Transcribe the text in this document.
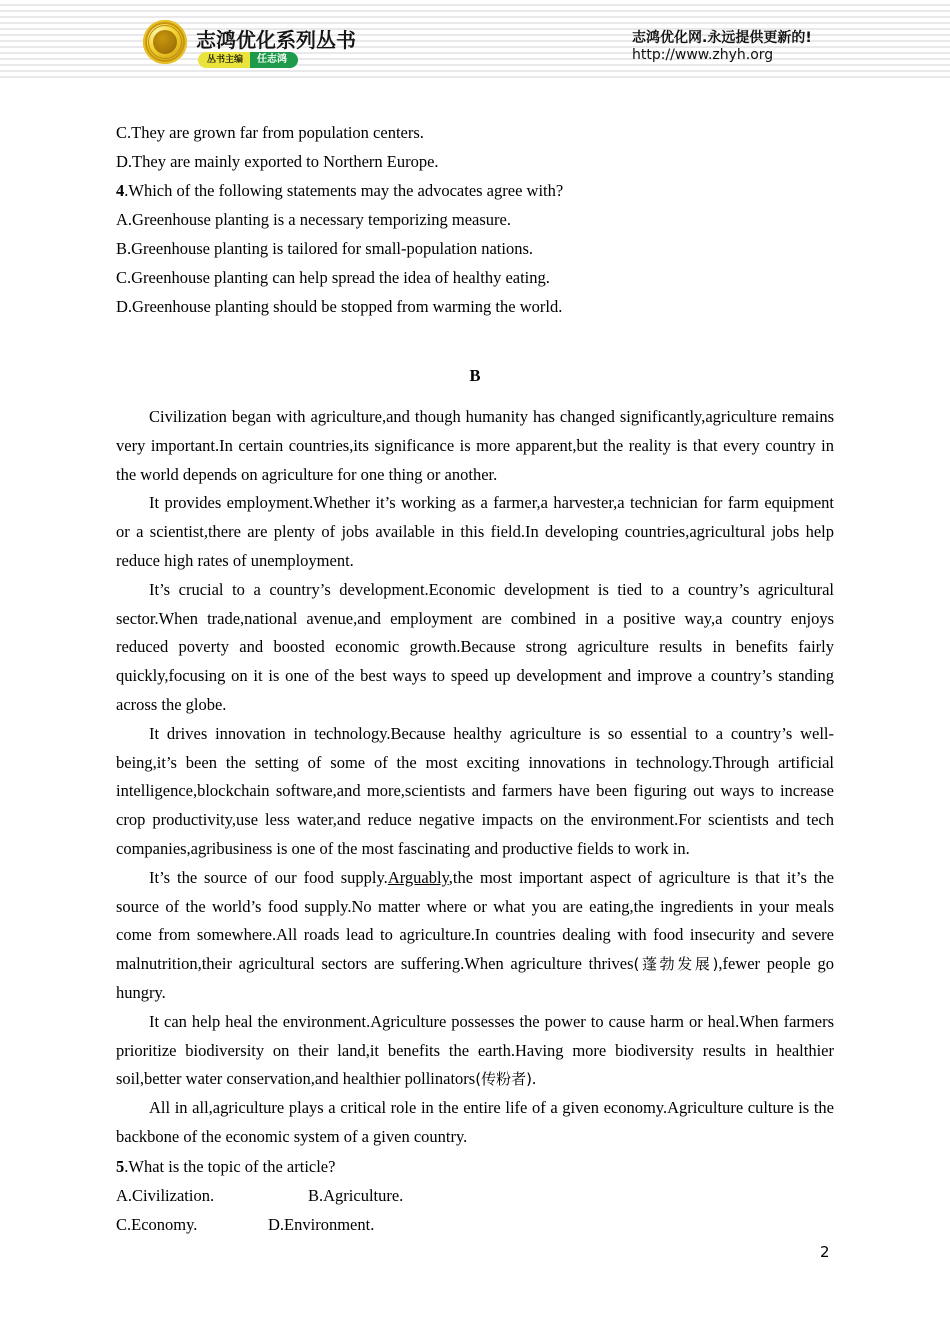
志鸿优化系列丛书
丛书主编	任志鸿
志鸿优化网.永远提供更新的!
http://www.zhyh.org

C.They are grown far from population centers.

D.They are mainly exported to Northern Europe.

4.Which of the following statements may the advocates agree with?

A.Greenhouse planting is a necessary temporizing measure.

B.Greenhouse planting is tailored for small-population nations.

C.Greenhouse planting can help spread the idea of healthy eating.

D.Greenhouse planting should be stopped from warming the world.

B

Civilization began with agriculture,and though humanity has changed significantly,agriculture remains very important.In certain countries,its significance is more apparent,but the reality is that every country in the world depends on agriculture for one thing or another.

It provides employment.Whether it’s working as a farmer,a harvester,a technician for farm equipment or a scientist,there are plenty of jobs available in this field.In developing countries,agricultural jobs help reduce high rates of unemployment.

It’s crucial to a country’s development.Economic development is tied to a country’s agricultural sector.When trade,national avenue,and employment are combined in a positive way,a country enjoys reduced poverty and boosted economic growth.Because strong agriculture results in benefits fairly quickly,focusing on it is one of the best ways to speed up development and improve a country’s standing across the globe.

It drives innovation in technology.Because healthy agriculture is so essential to a country’s well-being,it’s been the setting of some of the most exciting innovations in technology.Through artificial intelligence,blockchain software,and more,scientists and farmers have been figuring out ways to increase crop productivity,use less water,and reduce negative impacts on the environment.For scientists and tech companies,agribusiness is one of the most fascinating and productive fields to work in.

It’s the source of our food supply.Arguably,the most important aspect of agriculture is that it’s the source of the world’s food supply.No matter where or what you are eating,the ingredients in your meals come from somewhere.All roads lead to agriculture.In countries dealing with food insecurity and severe malnutrition,their agricultural sectors are suffering.When agriculture thrives(蓬勃发展),fewer people go hungry.

It can help heal the environment.Agriculture possesses the power to cause harm or heal.When farmers prioritize biodiversity on their land,it benefits the earth.Having more biodiversity results in healthier soil,better water conservation,and healthier pollinators(传粉者).

All in all,agriculture plays a critical role in the entire life of a given economy.Agriculture culture is the backbone of the economic system of a given country.

5.What is the topic of the article?

A.Civilization.	B.Agriculture.

C.Economy.	D.Environment.

2
